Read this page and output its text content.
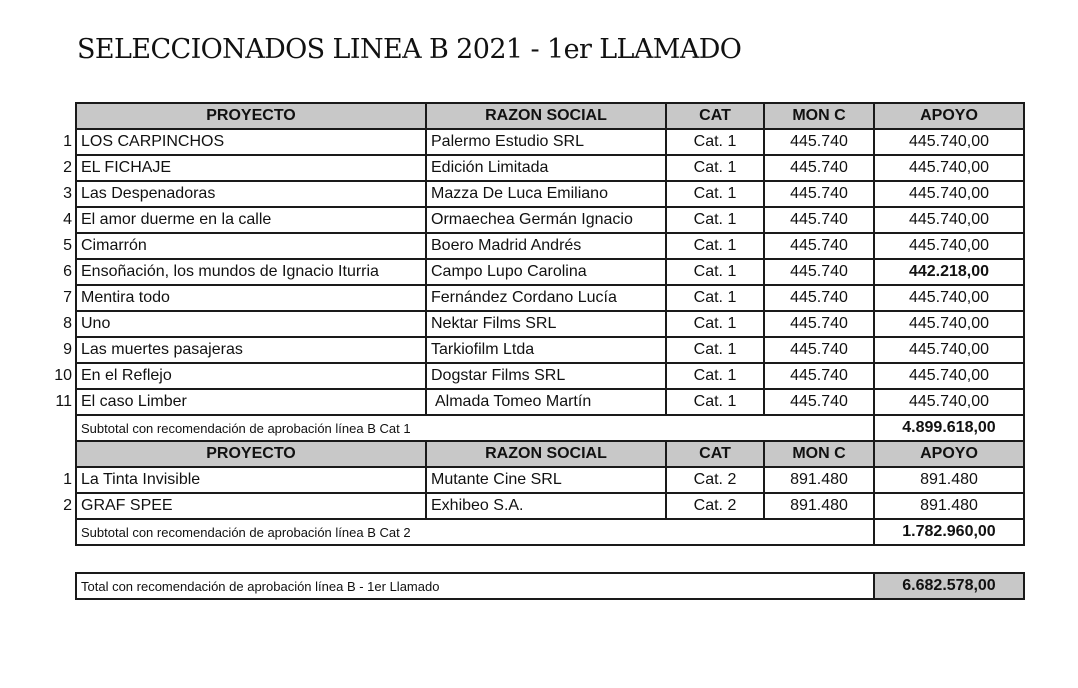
SELECCIONADOS LINEA B 2021 - 1er LLAMADO
	PROYECTO	RAZON SOCIAL	CAT	MON C	APOYO
1	LOS CARPINCHOS	Palermo Estudio SRL	Cat. 1	445.740	445.740,00
2	EL FICHAJE	Edición Limitada	Cat. 1	445.740	445.740,00
3	Las Despenadoras	Mazza De Luca Emiliano	Cat. 1	445.740	445.740,00
4	El amor duerme en la calle	Ormaechea Germán Ignacio	Cat. 1	445.740	445.740,00
5	Cimarrón	Boero Madrid Andrés	Cat. 1	445.740	445.740,00
6	Ensoñación, los mundos de Ignacio Iturria	Campo Lupo Carolina	Cat. 1	445.740	442.218,00
7	Mentira todo	Fernández Cordano Lucía	Cat. 1	445.740	445.740,00
8	Uno	Nektar Films SRL	Cat. 1	445.740	445.740,00
9	Las muertes pasajeras	Tarkiofilm Ltda	Cat. 1	445.740	445.740,00
10	En el Reflejo	Dogstar Films SRL	Cat. 1	445.740	445.740,00
11	El caso Limber	Almada Tomeo Martín	Cat. 1	445.740	445.740,00
	Subtotal con recomendación de aprobación línea B Cat 1				4.899.618,00
	PROYECTO	RAZON SOCIAL	CAT	MON C	APOYO
1	La Tinta Invisible	Mutante Cine SRL	Cat. 2	891.480	891.480
2	GRAF SPEE	Exhibeo S.A.	Cat. 2	891.480	891.480
	Subtotal con recomendación de aprobación línea B Cat 2				1.782.960,00

	Total con recomendación de aprobación línea B - 1er Llamado				6.682.578,00
